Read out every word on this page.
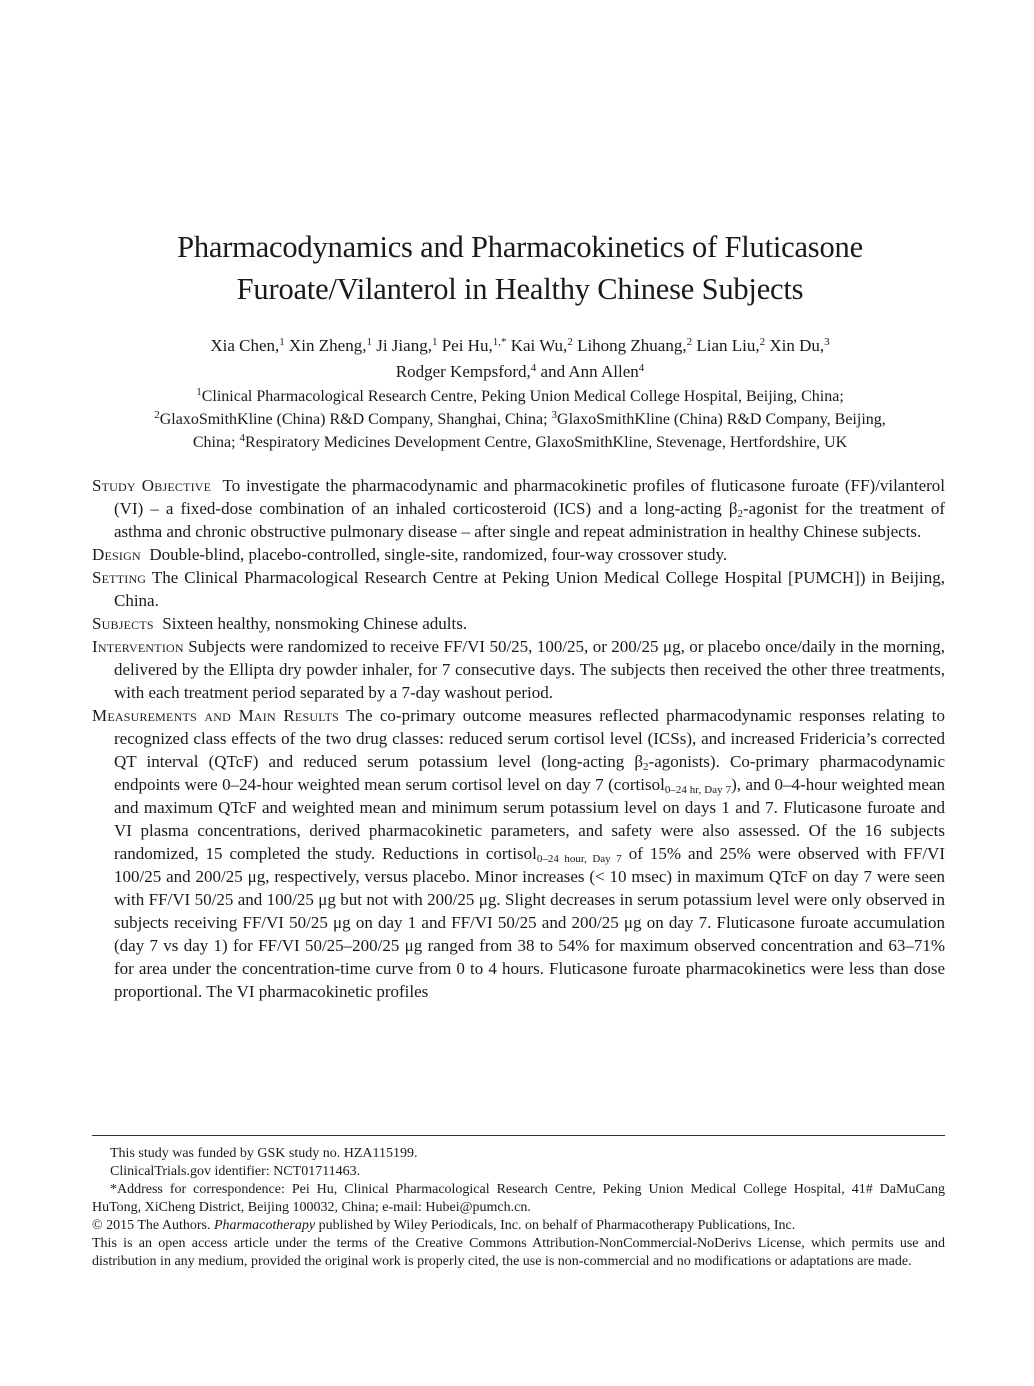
Pharmacodynamics and Pharmacokinetics of Fluticasone
Furoate/Vilanterol in Healthy Chinese Subjects
Xia Chen,$^1$ Xin Zheng,$^1$ Ji Jiang,$^1$ Pei Hu,$^{1,*}$ Kai Wu,$^2$ Lihong Zhuang,$^2$ Lian Liu,$^2$ Xin Du,$^3$
Rodger Kempsford,$^4$ and Ann Allen$^4$
$^1$Clinical Pharmacological Research Centre, Peking Union Medical College Hospital, Beijing, China;
$^2$GlaxoSmithKline (China) R&D Company, Shanghai, China; $^3$GlaxoSmithKline (China) R&D Company, Beijing,
China; $^4$Respiratory Medicines Development Centre, GlaxoSmithKline, Stevenage, Hertfordshire, UK

Study Objective To investigate the pharmacodynamic and pharmacokinetic profiles of fluticasone furoate (FF)/vilanterol (VI) – a fixed-dose combination of an inhaled corticosteroid (ICS) and a long-acting $\beta_2$-agonist for the treatment of asthma and chronic obstructive pulmonary disease – after single and repeat administration in healthy Chinese subjects.

Design Double-blind, placebo-controlled, single-site, randomized, four-way crossover study.

Setting The Clinical Pharmacological Research Centre at Peking Union Medical College Hospital [PUMCH]) in Beijing, China.

Subjects Sixteen healthy, nonsmoking Chinese adults.

Intervention Subjects were randomized to receive FF/VI 50/25, 100/25, or 200/25 μg, or placebo once/daily in the morning, delivered by the Ellipta dry powder inhaler, for 7 consecutive days. The subjects then received the other three treatments, with each treatment period separated by a 7-day washout period.

Measurements and Main Results The co-primary outcome measures reflected pharmacodynamic responses relating to recognized class effects of the two drug classes: reduced serum cortisol level (ICSs), and increased Fridericia’s corrected QT interval (QTcF) and reduced serum potassium level (long-acting $\beta_2-agonists$). Co-primary pharmacodynamic endpoints were 0–24-hour weighted mean serum cortisol level on day 7 (cortisol$_{0-24 hr, Day 7}$), and 0–4-hour weighted mean and maximum QTcF and weighted mean and minimum serum potassium level on days 1 and 7. Fluticasone furoate and VI plasma concentrations, derived pharmacokinetic parameters, and safety were also assessed. Of the 16 subjects randomized, 15 completed the study. Reductions in cortisol$_{0-24 hour, Day 7}$ of 15% and 25% were observed with FF/VI 100/25 and 200/25 μg, respectively, versus placebo. Minor increases (< 10 msec) in maximum QTcF on day 7 were seen with FF/VI 50/25 and 100/25 μg but not with 200/25 μg. Slight decreases in serum potassium level were only observed in subjects receiving FF/VI 50/25 μg on day 1 and FF/VI 50/25 and 200/25 μg on day 7. Fluticasone furoate accumulation (day 7 vs day 1) for FF/VI 50/25–200/25 μg ranged from 38 to 54% for maximum observed concentration and 63–71% for area under the concentration-time curve from 0 to 4 hours. Fluticasone furoate pharmacokinetics were less than dose proportional. The VI pharmacokinetic profiles

This study was funded by GSK study no. HZA115199.

ClinicalTrials.gov identifier: NCT01711463.

*Address for correspondence: Pei Hu, Clinical Pharmacological Research Centre, Peking Union Medical College Hospital, 41# DaMuCang HuTong, XiCheng District, Beijing 100032, China; e-mail: Hubei@pumch.cn.

© 2015 The Authors. Pharmacotherapy published by Wiley Periodicals, Inc. on behalf of Pharmacotherapy Publications, Inc.

This is an open access article under the terms of the Creative Commons Attribution-NonCommercial-NoDerivs License, which permits use and distribution in any medium, provided the original work is properly cited, the use is non-commercial and no modifications or adaptations are made.
